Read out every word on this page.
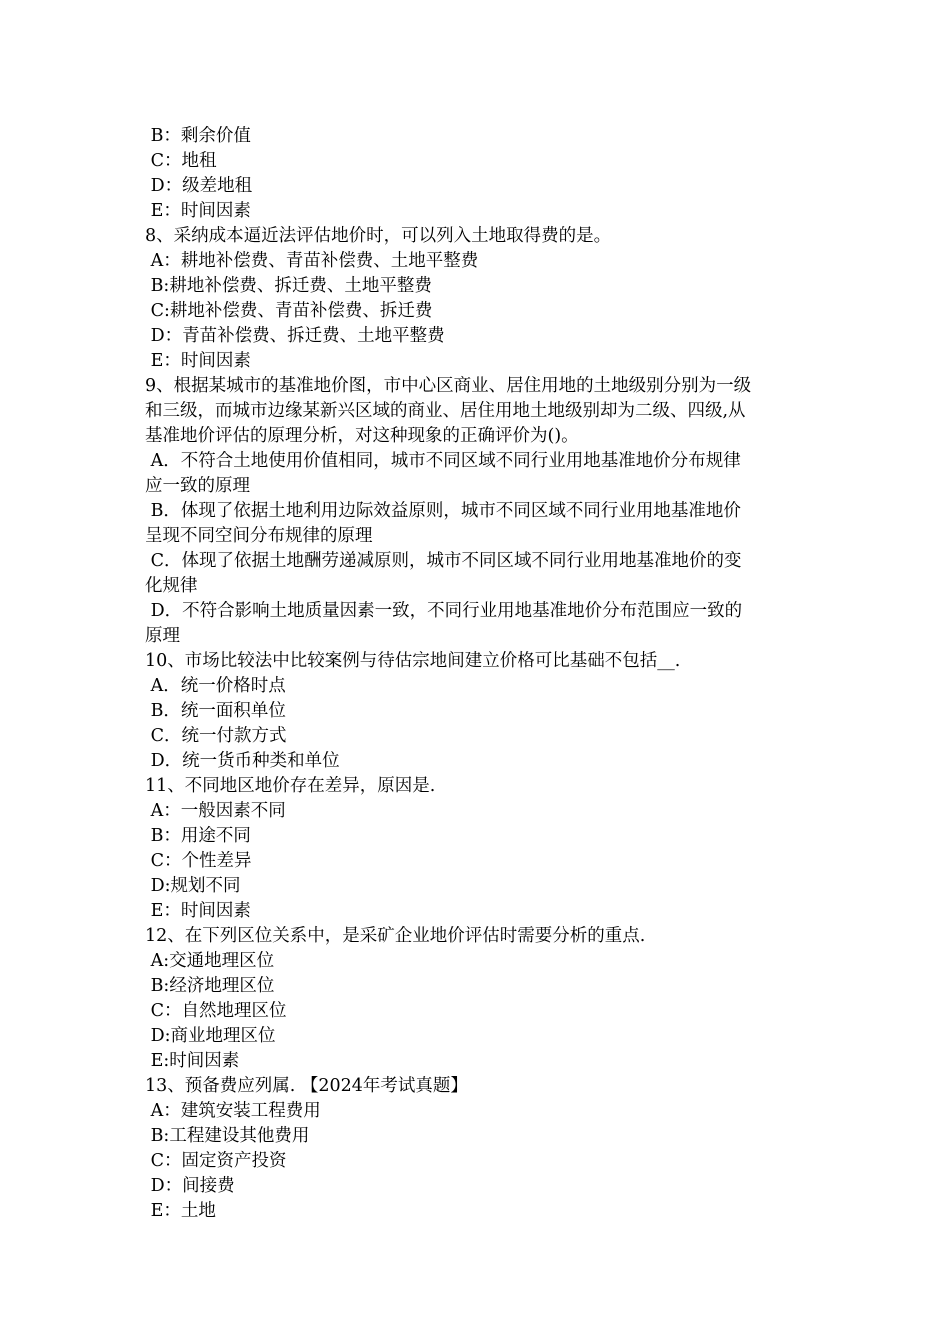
B：剩余价值
C：地租
D：级差地租
E：时间因素
8、采纳成本逼近法评估地价时，可以列入土地取得费的是。
A：耕地补偿费、青苗补偿费、土地平整费
B:耕地补偿费、拆迁费、土地平整费
C:耕地补偿费、青苗补偿费、拆迁费
D：青苗补偿费、拆迁费、土地平整费
E：时间因素
9、根据某城市的基准地价图，市中心区商业、居住用地的土地级别分别为一级
和三级，而城市边缘某新兴区域的商业、居住用地土地级别却为二级、四级,从
基准地价评估的原理分析，对这种现象的正确评价为()。
A．不符合土地使用价值相同，城市不同区域不同行业用地基准地价分布规律
应一致的原理
B．体现了依据土地利用边际效益原则，城市不同区域不同行业用地基准地价
呈现不同空间分布规律的原理
C．体现了依据土地酬劳递减原则，城市不同区域不同行业用地基准地价的变
化规律
D．不符合影响土地质量因素一致，不同行业用地基准地价分布范围应一致的
原理
10、市场比较法中比较案例与待估宗地间建立价格可比基础不包括__.
A．统一价格时点
B．统一面积单位
C．统一付款方式
D．统一货币种类和单位
11、不同地区地价存在差异，原因是.
A：一般因素不同
B：用途不同
C：个性差异
D:规划不同
E：时间因素
12、在下列区位关系中，是采矿企业地价评估时需要分析的重点.
A:交通地理区位
B:经济地理区位
C：自然地理区位
D:商业地理区位
E:时间因素
13、预备费应列属. 【2024年考试真题】
A：建筑安装工程费用
B:工程建设其他费用
C：固定资产投资
D：间接费
E：土地
